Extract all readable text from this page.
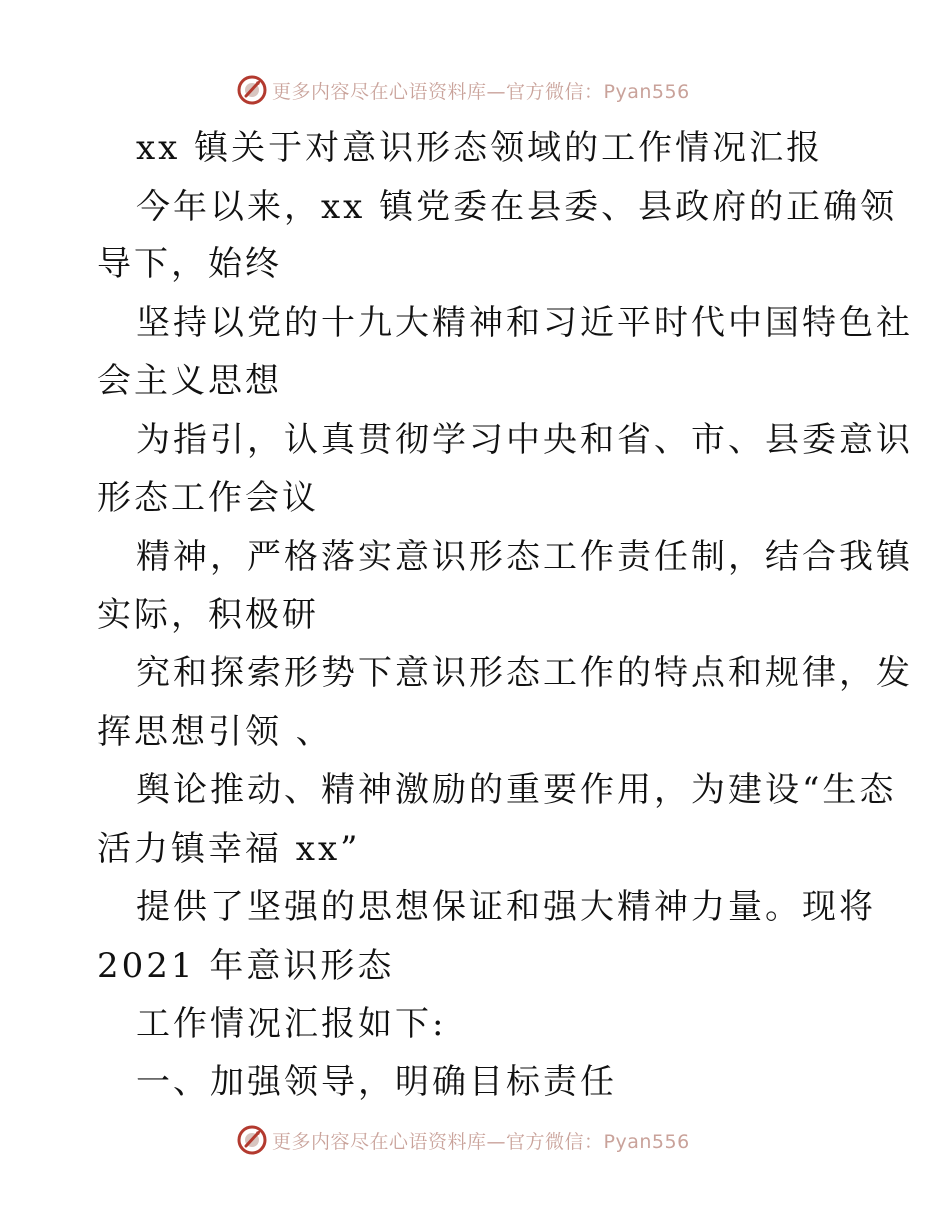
更多内容尽在心语资料库—官方微信：Pyan556
xx 镇关于对意识形态领域的工作情况汇报
今年以来，xx 镇党委在县委、县政府的正确领
导下，始终
坚持以党的十九大精神和习近平时代中国特色社
会主义思想
为指引，认真贯彻学习中央和省、市、县委意识
形态工作会议
精神，严格落实意识形态工作责任制，结合我镇
实际，积极研
究和探索形势下意识形态工作的特点和规律，发
挥思想引领 、
舆论推动、精神激励的重要作用，为建设“生态
活力镇幸福 xx”
提供了坚强的思想保证和强大精神力量。现将
2021 年意识形态
工作情况汇报如下:
一、加强领导，明确目标责任
更多内容尽在心语资料库—官方微信：Pyan556
